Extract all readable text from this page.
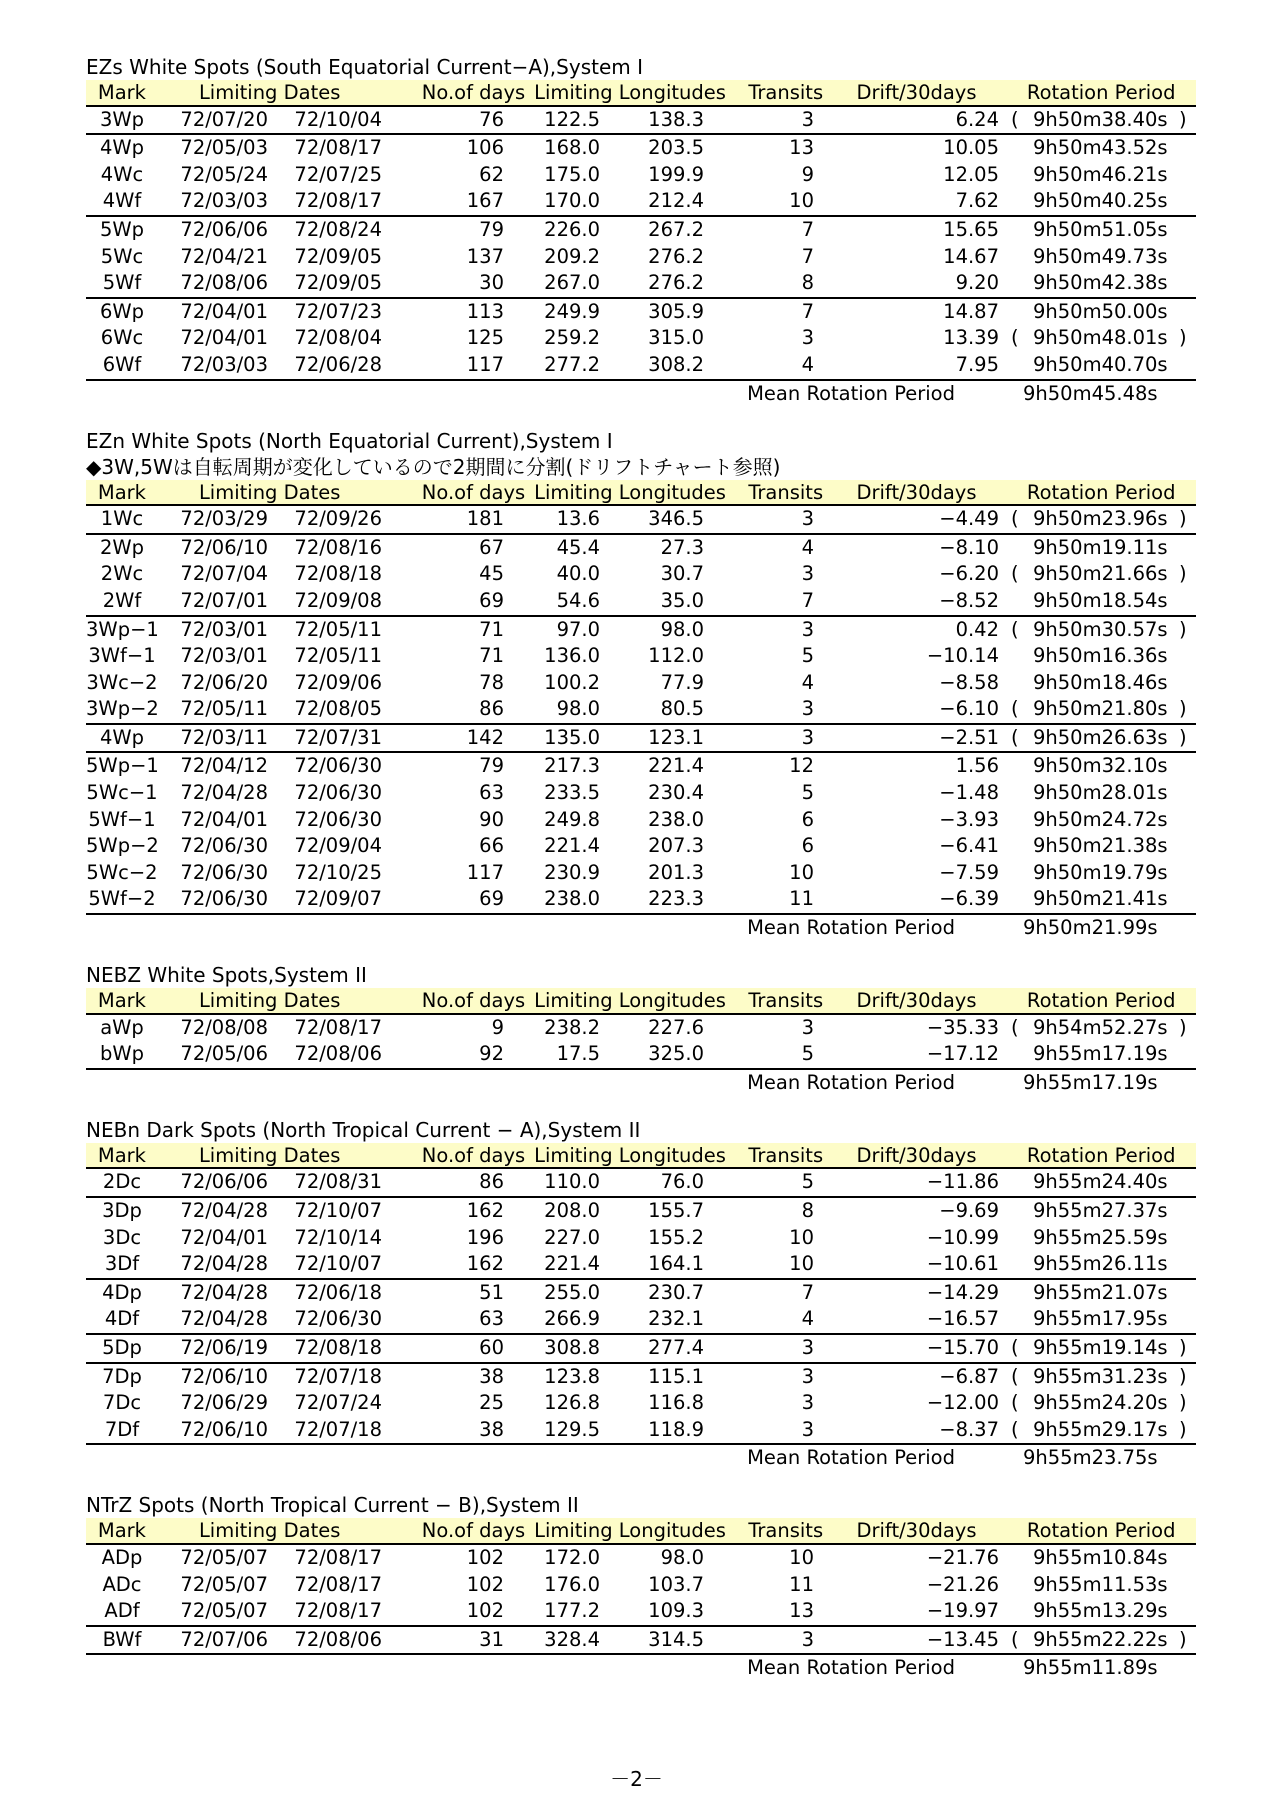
EZs White Spots (South Equatorial Current−A),System I
Mark	Limiting Dates	No.of days Limiting Longitudes	Transits	Drift/30days	Rotation Period
3Wp	72/07/20	72/10/04	76	122.5	138.3	3	6.24 ( 9h50m38.40s )
4Wp	72/05/03	72/08/17	106	168.0	203.5	13	10.05	9h50m43.52s
4Wc	72/05/24	72/07/25	62	175.0	199.9	9	12.05	9h50m46.21s
4Wf	72/03/03	72/08/17	167	170.0	212.4	10	7.62	9h50m40.25s
5Wp	72/06/06	72/08/24	79	226.0	267.2	7	15.65	9h50m51.05s
5Wc	72/04/21	72/09/05	137	209.2	276.2	7	14.67	9h50m49.73s
5Wf	72/08/06	72/09/05	30	267.0	276.2	8	9.20	9h50m42.38s
6Wp	72/04/01	72/07/23	113	249.9	305.9	7	14.87	9h50m50.00s
6Wc	72/04/01	72/08/04	125	259.2	315.0	3	13.39 ( 9h50m48.01s )
6Wf	72/03/03	72/06/28	117	277.2	308.2	4	7.95	9h50m40.70s
Mean Rotation Period	9h50m45.48s
EZn White Spots (North Equatorial Current),System I
◆3W,5Wは自転周期が変化しているので2期間に分割(ドリフトチャート参照)
Mark	Limiting Dates	No.of days Limiting Longitudes	Transits	Drift/30days	Rotation Period
1Wc	72/03/29	72/09/26	181	13.6	346.5	3	−4.49 ( 9h50m23.96s )
2Wp	72/06/10	72/08/16	67	45.4	27.3	4	−8.10	9h50m19.11s
2Wc	72/07/04	72/08/18	45	40.0	30.7	3	−6.20 ( 9h50m21.66s )
2Wf	72/07/01	72/09/08	69	54.6	35.0	7	−8.52	9h50m18.54s
3Wp−1	72/03/01	72/05/11	71	97.0	98.0	3	0.42 ( 9h50m30.57s )
3Wf−1	72/03/01	72/05/11	71	136.0	112.0	5	−10.14	9h50m16.36s
3Wc−2	72/06/20	72/09/06	78	100.2	77.9	4	−8.58	9h50m18.46s
3Wp−2	72/05/11	72/08/05	86	98.0	80.5	3	−6.10 ( 9h50m21.80s )
4Wp	72/03/11	72/07/31	142	135.0	123.1	3	−2.51 ( 9h50m26.63s )
5Wp−1	72/04/12	72/06/30	79	217.3	221.4	12	1.56	9h50m32.10s
5Wc−1	72/04/28	72/06/30	63	233.5	230.4	5	−1.48	9h50m28.01s
5Wf−1	72/04/01	72/06/30	90	249.8	238.0	6	−3.93	9h50m24.72s
5Wp−2	72/06/30	72/09/04	66	221.4	207.3	6	−6.41	9h50m21.38s
5Wc−2	72/06/30	72/10/25	117	230.9	201.3	10	−7.59	9h50m19.79s
5Wf−2	72/06/30	72/09/07	69	238.0	223.3	11	−6.39	9h50m21.41s
Mean Rotation Period	9h50m21.99s
NEBZ White Spots,System II
Mark	Limiting Dates	No.of days Limiting Longitudes	Transits	Drift/30days	Rotation Period
aWp	72/08/08	72/08/17	9	238.2	227.6	3	−35.33 ( 9h54m52.27s )
bWp	72/05/06	72/08/06	92	17.5	325.0	5	−17.12	9h55m17.19s
Mean Rotation Period	9h55m17.19s
NEBn Dark Spots (North Tropical Current − A),System II
Mark	Limiting Dates	No.of days Limiting Longitudes	Transits	Drift/30days	Rotation Period
2Dc	72/06/06	72/08/31	86	110.0	76.0	5	−11.86	9h55m24.40s
3Dp	72/04/28	72/10/07	162	208.0	155.7	8	−9.69	9h55m27.37s
3Dc	72/04/01	72/10/14	196	227.0	155.2	10	−10.99	9h55m25.59s
3Df	72/04/28	72/10/07	162	221.4	164.1	10	−10.61	9h55m26.11s
4Dp	72/04/28	72/06/18	51	255.0	230.7	7	−14.29	9h55m21.07s
4Df	72/04/28	72/06/30	63	266.9	232.1	4	−16.57	9h55m17.95s
5Dp	72/06/19	72/08/18	60	308.8	277.4	3	−15.70 ( 9h55m19.14s )
7Dp	72/06/10	72/07/18	38	123.8	115.1	3	−6.87 ( 9h55m31.23s )
7Dc	72/06/29	72/07/24	25	126.8	116.8	3	−12.00 ( 9h55m24.20s )
7Df	72/06/10	72/07/18	38	129.5	118.9	3	−8.37 ( 9h55m29.17s )
Mean Rotation Period	9h55m23.75s
NTrZ Spots (North Tropical Current − B),System II
Mark	Limiting Dates	No.of days Limiting Longitudes	Transits	Drift/30days	Rotation Period
ADp	72/05/07	72/08/17	102	172.0	98.0	10	−21.76	9h55m10.84s
ADc	72/05/07	72/08/17	102	176.0	103.7	11	−21.26	9h55m11.53s
ADf	72/05/07	72/08/17	102	177.2	109.3	13	−19.97	9h55m13.29s
BWf	72/07/06	72/08/06	31	328.4	314.5	3	−13.45 ( 9h55m22.22s )
Mean Rotation Period	9h55m11.89s
－2－
